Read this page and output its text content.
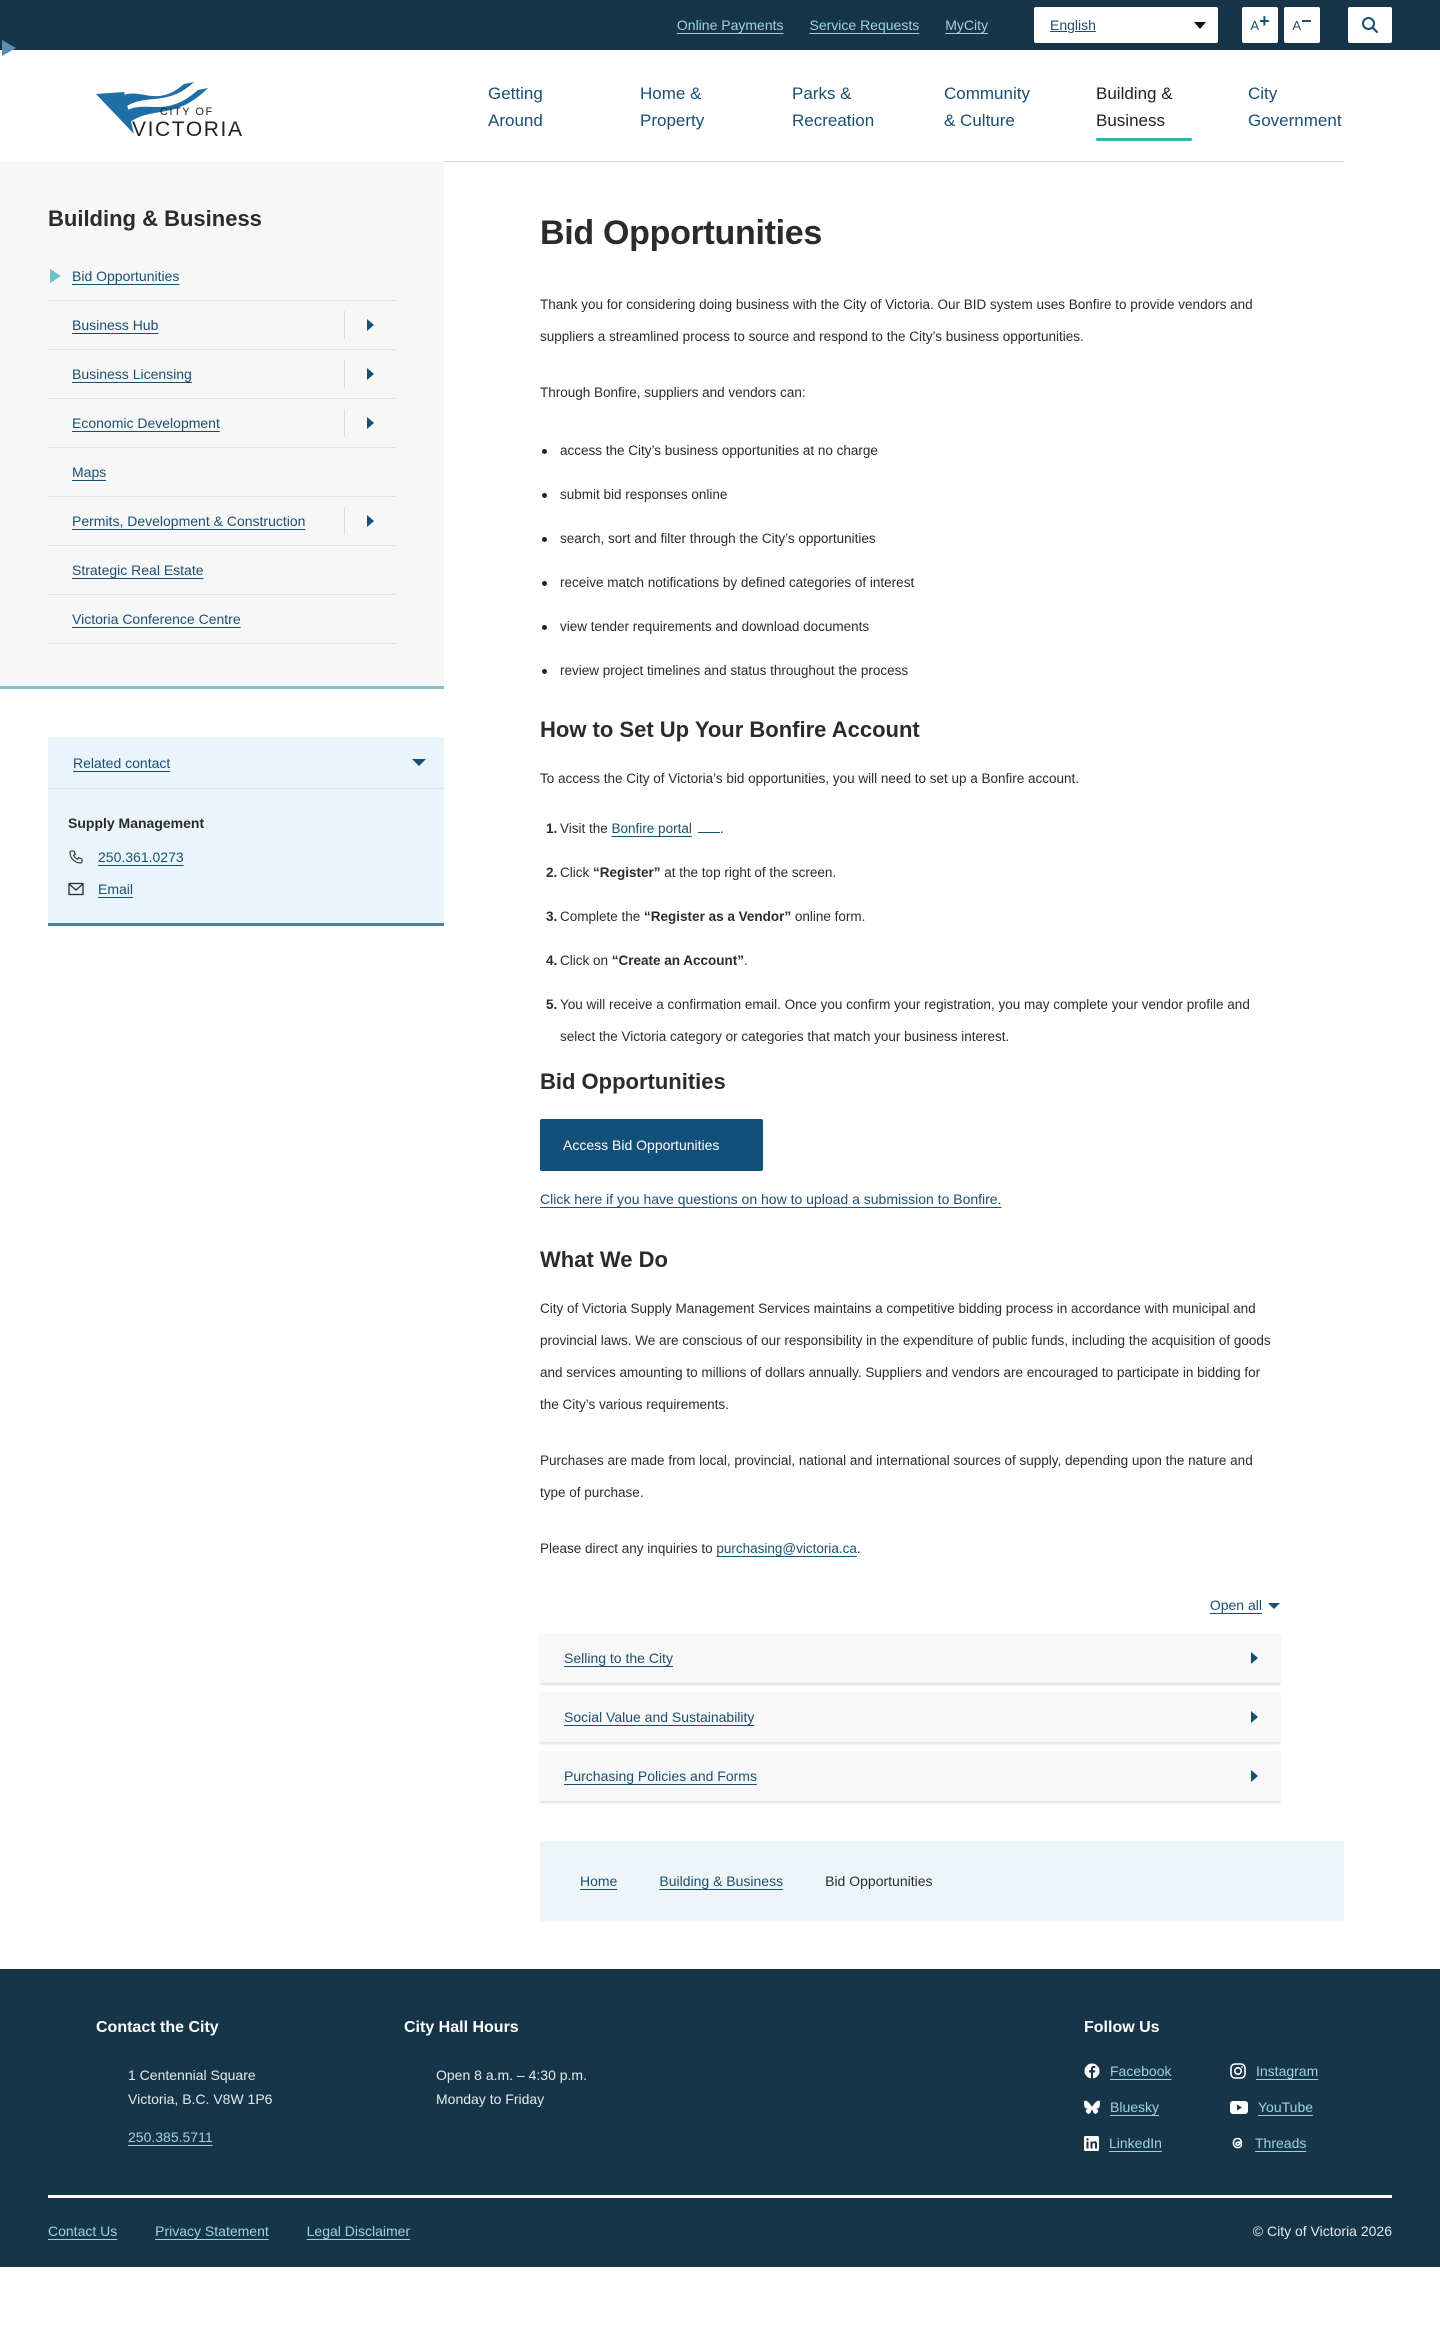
Online Payments Service Requests MyCity	English	A + A −
CITY OF
VICTORIA
Getting
Around
Home &
Property
Parks &
Recreation
Community
& Culture
Building &
Business
City
Government
Building & Business
Bid Opportunities
Business Hub
Business Licensing
Economic Development
Maps
Permits, Development & Construction
Strategic Real Estate
Victoria Conference Centre
Related contact
Supply Management
250.361.0273
Email
Bid Opportunities

Thank you for considering doing business with the City of Victoria. Our BID system uses Bonfire to provide vendors and suppliers a streamlined process to source and respond to the City’s business opportunities.

Through Bonfire, suppliers and vendors can:

access the City’s business opportunities at no charge
submit bid responses online
search, sort and filter through the City’s opportunities
receive match notifications by defined categories of interest
view tender requirements and download documents
review project timelines and status throughout the process
How to Set Up Your Bonfire Account

To access the City of Victoria’s bid opportunities, you will need to set up a Bonfire account.

1. Visit the Bonfire portal .
2. Click “Register” at the top right of the screen.
3. Complete the “Register as a Vendor” online form.
4. Click on “Create an Account”.
5. You will receive a confirmation email. Once you confirm your registration, you may complete your vendor profile and select the Victoria category or categories that match your business interest.
Bid Opportunities
Access Bid Opportunities
Click here if you have questions on how to upload a submission to Bonfire.
What We Do

City of Victoria Supply Management Services maintains a competitive bidding process in accordance with municipal and provincial laws. We are conscious of our responsibility in the expenditure of public funds, including the acquisition of goods and services amounting to millions of dollars annually. Suppliers and vendors are encouraged to participate in bidding for the City’s various requirements.

Purchases are made from local, provincial, national and international sources of supply, depending upon the nature and type of purchase.

Please direct any inquiries to purchasing@victoria.ca.

Open all
Selling to the City
Social Value and Sustainability
Purchasing Policies and Forms
Home	Building & Business	Bid Opportunities
Contact the City
1 Centennial Square
Victoria, B.C. V8W 1P6
250.385.5711
City Hall Hours
Open 8 a.m. – 4:30 p.m.
Monday to Friday
Follow Us
Facebook	Instagram
Bluesky	YouTube
LinkedIn	Threads
Contact Us	Privacy Statement	Legal Disclaimer	© City of Victoria 2026
